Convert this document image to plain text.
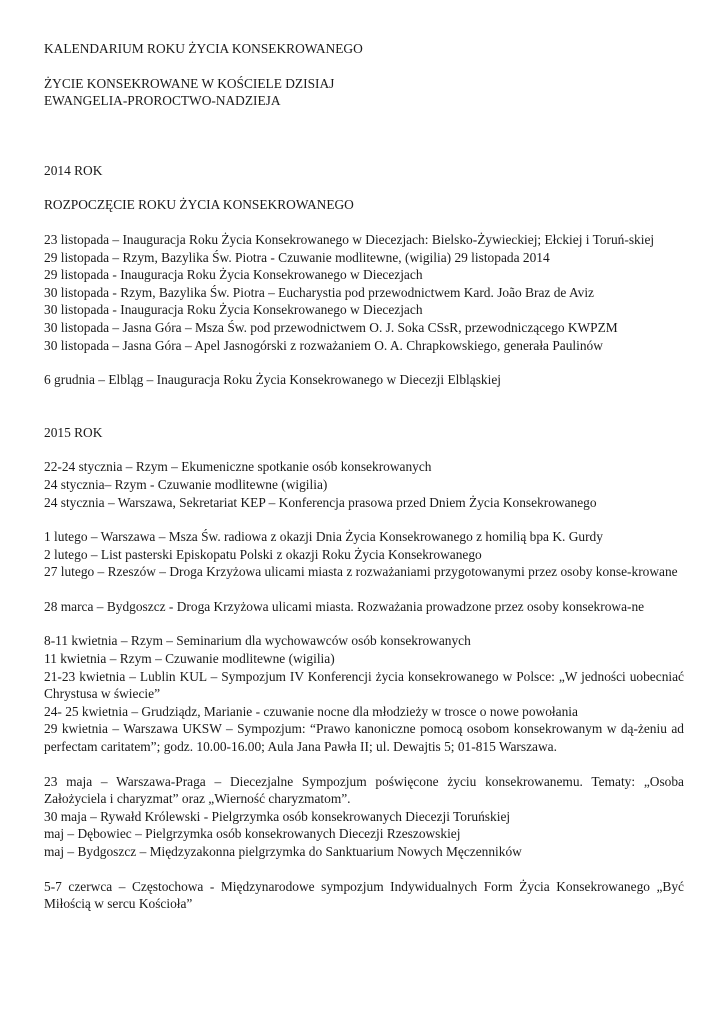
KALENDARIUM ROKU ŻYCIA KONSEKROWANEGO
ŻYCIE KONSEKROWANE W KOŚCIELE DZISIAJ
EWANGELIA-PROROCTWO-NADZIEJA
2014 ROK
ROZPOCZĘCIE ROKU ŻYCIA KONSEKROWANEGO
23 listopada – Inauguracja Roku Życia Konsekrowanego w Diecezjach: Bielsko-Żywieckiej; Ełckiej i Toruń-skiej
29 listopada – Rzym, Bazylika Św. Piotra - Czuwanie modlitewne, (wigilia) 29 listopada 2014
29 listopada - Inauguracja Roku Życia Konsekrowanego w Diecezjach
30 listopada - Rzym, Bazylika Św. Piotra – Eucharystia pod przewodnictwem Kard. João Braz de Aviz
30 listopada - Inauguracja Roku Życia Konsekrowanego w Diecezjach
30 listopada – Jasna Góra – Msza Św. pod przewodnictwem O. J. Soka CSsR, przewodniczącego KWPZM
30 listopada – Jasna Góra – Apel Jasnogórski z rozważaniem O. A. Chrapkowskiego, generała Paulinów
6 grudnia – Elbląg – Inauguracja Roku Życia Konsekrowanego w Diecezji Elbląskiej
2015 ROK
22-24 stycznia – Rzym – Ekumeniczne spotkanie osób konsekrowanych
24 stycznia– Rzym - Czuwanie modlitewne (wigilia)
24 stycznia – Warszawa, Sekretariat KEP – Konferencja prasowa przed Dniem Życia Konsekrowanego
1 lutego – Warszawa – Msza Św. radiowa z okazji Dnia Życia Konsekrowanego z homilią bpa K. Gurdy
2 lutego – List pasterski Episkopatu Polski z okazji Roku Życia Konsekrowanego
27 lutego – Rzeszów – Droga Krzyżowa ulicami miasta z rozważaniami przygotowanymi przez osoby konse-krowane
28 marca – Bydgoszcz - Droga Krzyżowa ulicami miasta. Rozważania prowadzone przez osoby konsekrowa-ne
8-11 kwietnia – Rzym – Seminarium dla wychowawców osób konsekrowanych
11 kwietnia – Rzym – Czuwanie modlitewne (wigilia)
21-23 kwietnia – Lublin KUL – Sympozjum IV Konferencji życia konsekrowanego w Polsce: „W jedności uobecniać Chrystusa w świecie”
24- 25 kwietnia – Grudziądz, Marianie - czuwanie nocne dla młodzieży w trosce o nowe powołania
29 kwietnia – Warszawa UKSW – Sympozjum: “Prawo kanoniczne pomocą osobom konsekrowanym w dą-żeniu ad perfectam caritatem”; godz. 10.00-16.00; Aula Jana Pawła II; ul. Dewajtis 5; 01-815 Warszawa.
23 maja – Warszawa-Praga – Diecezjalne Sympozjum poświęcone życiu konsekrowanemu. Tematy: „Osoba Założyciela i charyzmat” oraz „Wierność charyzmatom”.
30 maja – Rywałd Królewski - Pielgrzymka osób konsekrowanych Diecezji Toruńskiej
maj – Dębowiec – Pielgrzymka osób konsekrowanych Diecezji Rzeszowskiej
maj – Bydgoszcz – Międzyzakonna pielgrzymka do Sanktuarium Nowych Męczenników
5-7 czerwca – Częstochowa - Międzynarodowe sympozjum Indywidualnych Form Życia Konsekrowanego „Być Miłością w sercu Kościoła”
